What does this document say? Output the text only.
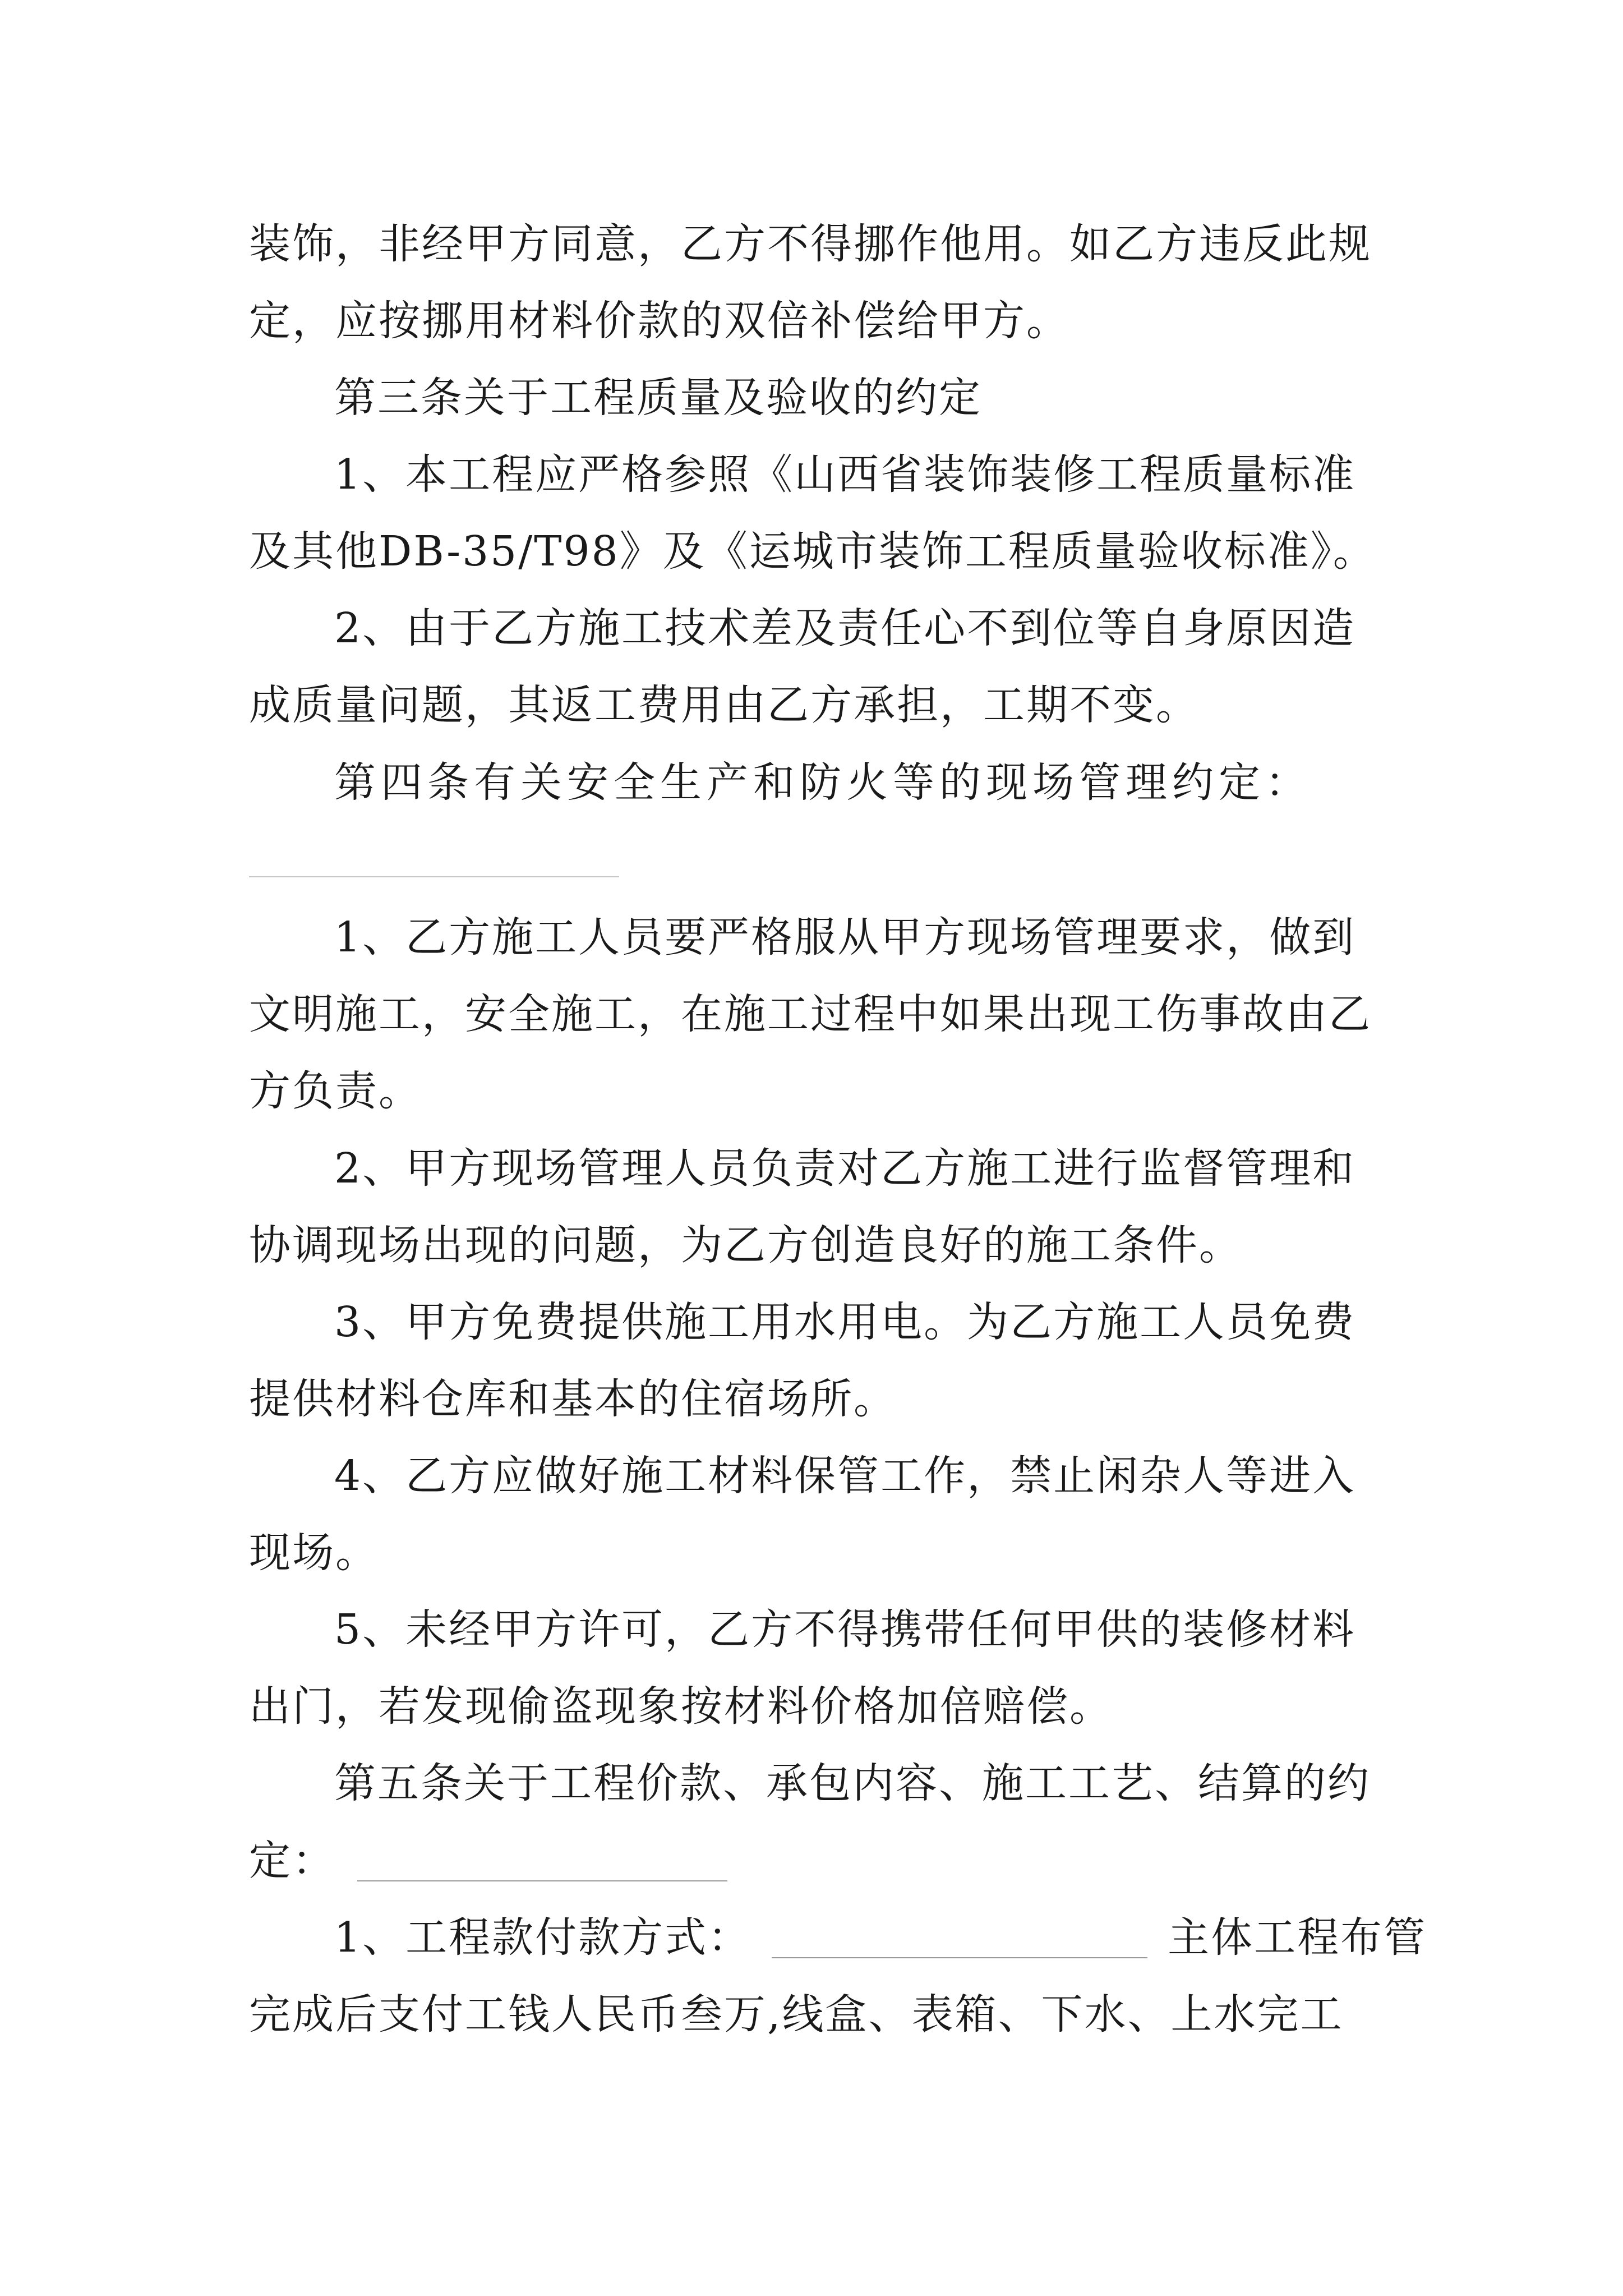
装饰，非经甲方同意，乙方不得挪作他用。如乙方违反此规
定，应按挪用材料价款的双倍补偿给甲方。
第三条关于工程质量及验收的约定
1、本工程应严格参照《山西省装饰装修工程质量标准
及其他DB-35/T98》及《运城市装饰工程质量验收标准》。
2、由于乙方施工技术差及责任心不到位等自身原因造
成质量问题，其返工费用由乙方承担，工期不变。
第四条有关安全生产和防火等的现场管理约定：
1、乙方施工人员要严格服从甲方现场管理要求，做到
文明施工，安全施工，在施工过程中如果出现工伤事故由乙
方负责。
2、甲方现场管理人员负责对乙方施工进行监督管理和
协调现场出现的问题，为乙方创造良好的施工条件。
3、甲方免费提供施工用水用电。为乙方施工人员免费
提供材料仓库和基本的住宿场所。
4、乙方应做好施工材料保管工作，禁止闲杂人等进入
现场。
5、未经甲方许可，乙方不得携带任何甲供的装修材料
出门，若发现偷盗现象按材料价格加倍赔偿。
第五条关于工程价款、承包内容、施工工艺、结算的约
定：
1、工程款付款方式：	主体工程布管
完成后支付工钱人民币叁万,线盒、表箱、下水、上水完工
